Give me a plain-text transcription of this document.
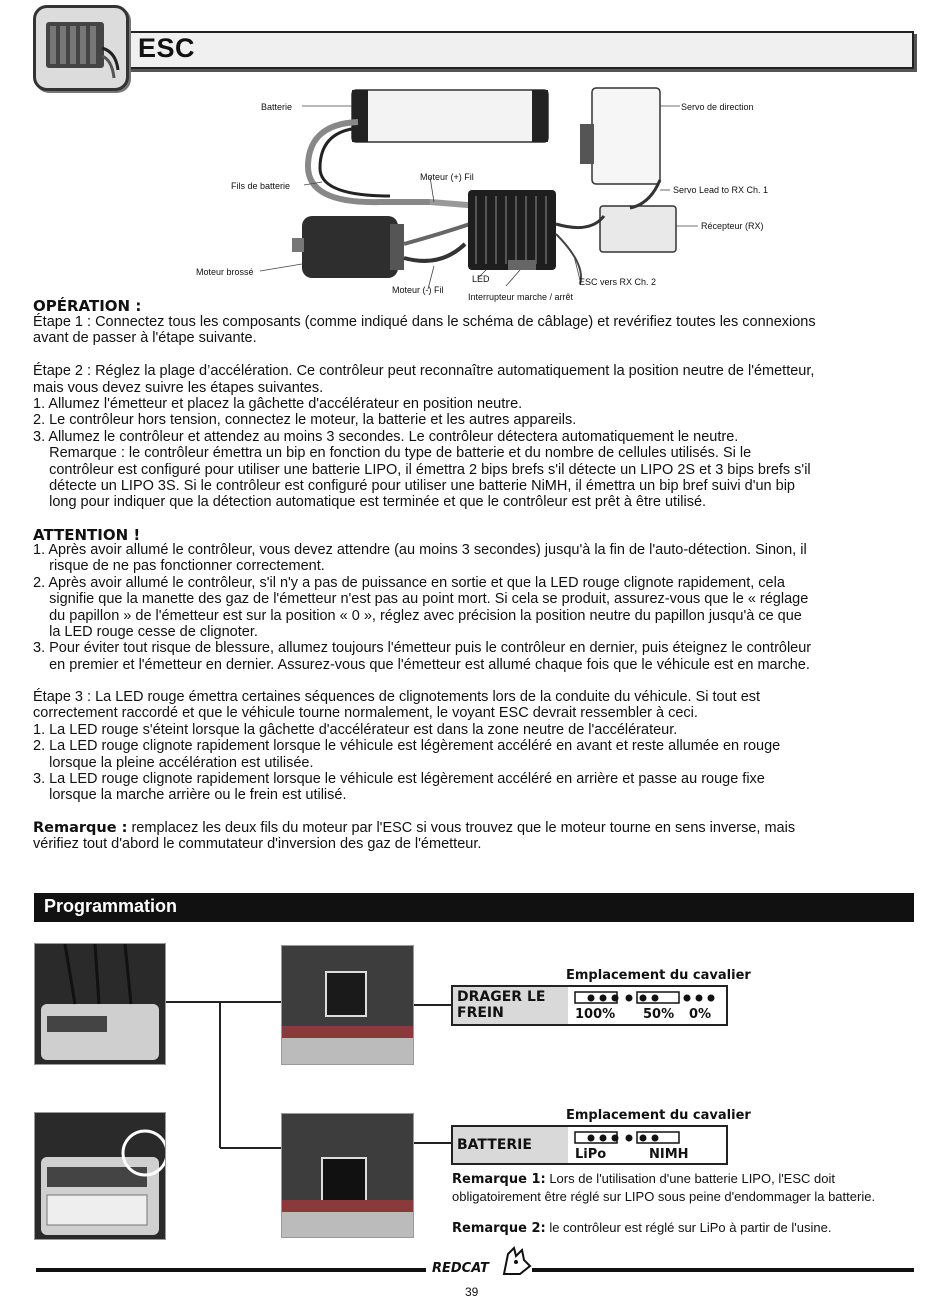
ESC
Batterie
Fils de batterie
Moteur (+) Fil
Moteur (-) Fil
Moteur brossé
LED
Interrupteur marche / arrêt
ESC vers RX Ch. 2
Servo de direction
Servo Lead to RX Ch. 1
Récepteur (RX)
OPÉRATION :
Étape 1 : Connectez tous les composants (comme indiqué dans le schéma de câblage) et revérifiez toutes les connexions
avant de passer à l'étape suivante.
Étape 2 : Réglez la plage d’accélération. Ce contrôleur peut reconnaître automatiquement la position neutre de l'émetteur,
mais vous devez suivre les étapes suivantes.
1. Allumez l'émetteur et placez la gâchette d'accélérateur en position neutre.
2. Le contrôleur hors tension, connectez le moteur, la batterie et les autres appareils.
3. Allumez le contrôleur et attendez au moins 3 secondes. Le contrôleur détectera automatiquement le neutre.
Remarque : le contrôleur émettra un bip en fonction du type de batterie et du nombre de cellules utilisés. Si le
contrôleur est configuré pour utiliser une batterie LIPO, il émettra 2 bips brefs s'il détecte un LIPO 2S et 3 bips brefs s'il
détecte un LIPO 3S. Si le contrôleur est configuré pour utiliser une batterie NiMH, il émettra un bip bref suivi d'un bip
long pour indiquer que la détection automatique est terminée et que le contrôleur est prêt à être utilisé.
ATTENTION !
1. Après avoir allumé le contrôleur, vous devez attendre (au moins 3 secondes) jusqu'à la fin de l'auto-détection. Sinon, il
risque de ne pas fonctionner correctement.
2. Après avoir allumé le contrôleur, s'il n'y a pas de puissance en sortie et que la LED rouge clignote rapidement, cela
signifie que la manette des gaz de l'émetteur n'est pas au point mort. Si cela se produit, assurez-vous que le « réglage
du papillon » de l'émetteur est sur la position « 0 », réglez avec précision la position neutre du papillon jusqu'à ce que
la LED rouge cesse de clignoter.
3. Pour éviter tout risque de blessure, allumez toujours l'émetteur puis le contrôleur en dernier, puis éteignez le contrôleur
en premier et l'émetteur en dernier. Assurez-vous que l'émetteur est allumé chaque fois que le véhicule est en marche.
Étape 3 : La LED rouge émettra certaines séquences de clignotements lors de la conduite du véhicule. Si tout est
correctement raccordé et que le véhicule tourne normalement, le voyant ESC devrait ressembler à ceci.
1. La LED rouge s'éteint lorsque la gâchette d'accélérateur est dans la zone neutre de l'accélérateur.
2. La LED rouge clignote rapidement lorsque le véhicule est légèrement accéléré en avant et reste allumée en rouge
lorsque la pleine accélération est utilisée.
3. La LED rouge clignote rapidement lorsque le véhicule est légèrement accéléré en arrière et passe au rouge fixe
lorsque la marche arrière ou le frein est utilisé.
Remarque : remplacez les deux fils du moteur par l'ESC si vous trouvez que le moteur tourne en sens inverse, mais
vérifiez tout d'abord le commutateur d'inversion des gaz de l'émetteur.
Programmation
Emplacement du cavalier
DRAGER LE FREIN	100% 50% 0%
Emplacement du cavalier
BATTERIE
LiPo	NIMH
Remarque 1: Lors de l'utilisation d'une batterie LIPO, l'ESC doit obligatoirement être réglé sur LIPO sous peine d'endommager la batterie.
Remarque 2: le contrôleur est réglé sur LiPo à partir de l'usine.
REDCAT
39
